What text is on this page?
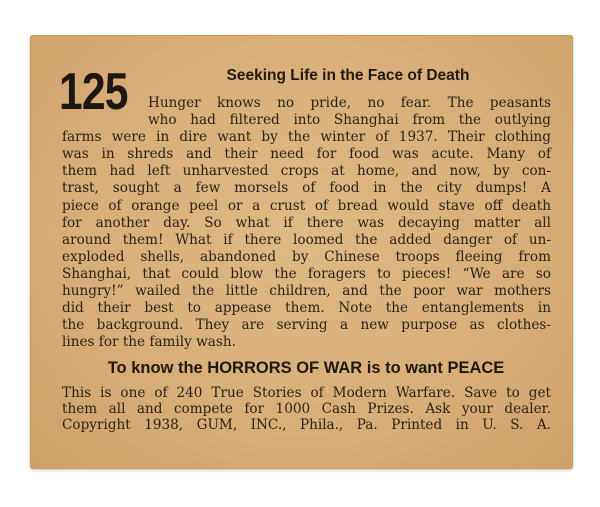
125	Seeking Life in the Face of Death
Hunger knows no pride, no fear. The peasants
who had filtered into Shanghai from the outlying
farms were in dire want by the winter of 1937. Their clothing
was in shreds and their need for food was acute. Many of
them had left unharvested crops at home, and now, by con-
trast, sought a few morsels of food in the city dumps! A
piece of orange peel or a crust of bread would stave off death
for another day. So what if there was decaying matter all
around them! What if there loomed the added danger of un-
exploded shells, abandoned by Chinese troops fleeing from
Shanghai, that could blow the foragers to pieces! “We are so
hungry!” wailed the little children, and the poor war mothers
did their best to appease them. Note the entanglements in
the background. They are serving a new purpose as clothes-
lines for the family wash.
To know the HORRORS OF WAR is to want PEACE
This is one of 240 True Stories of Modern Warfare. Save to get
them all and compete for 1000 Cash Prizes. Ask your dealer.
Copyright 1938, GUM, INC., Phila., Pa. Printed in U. S. A.
